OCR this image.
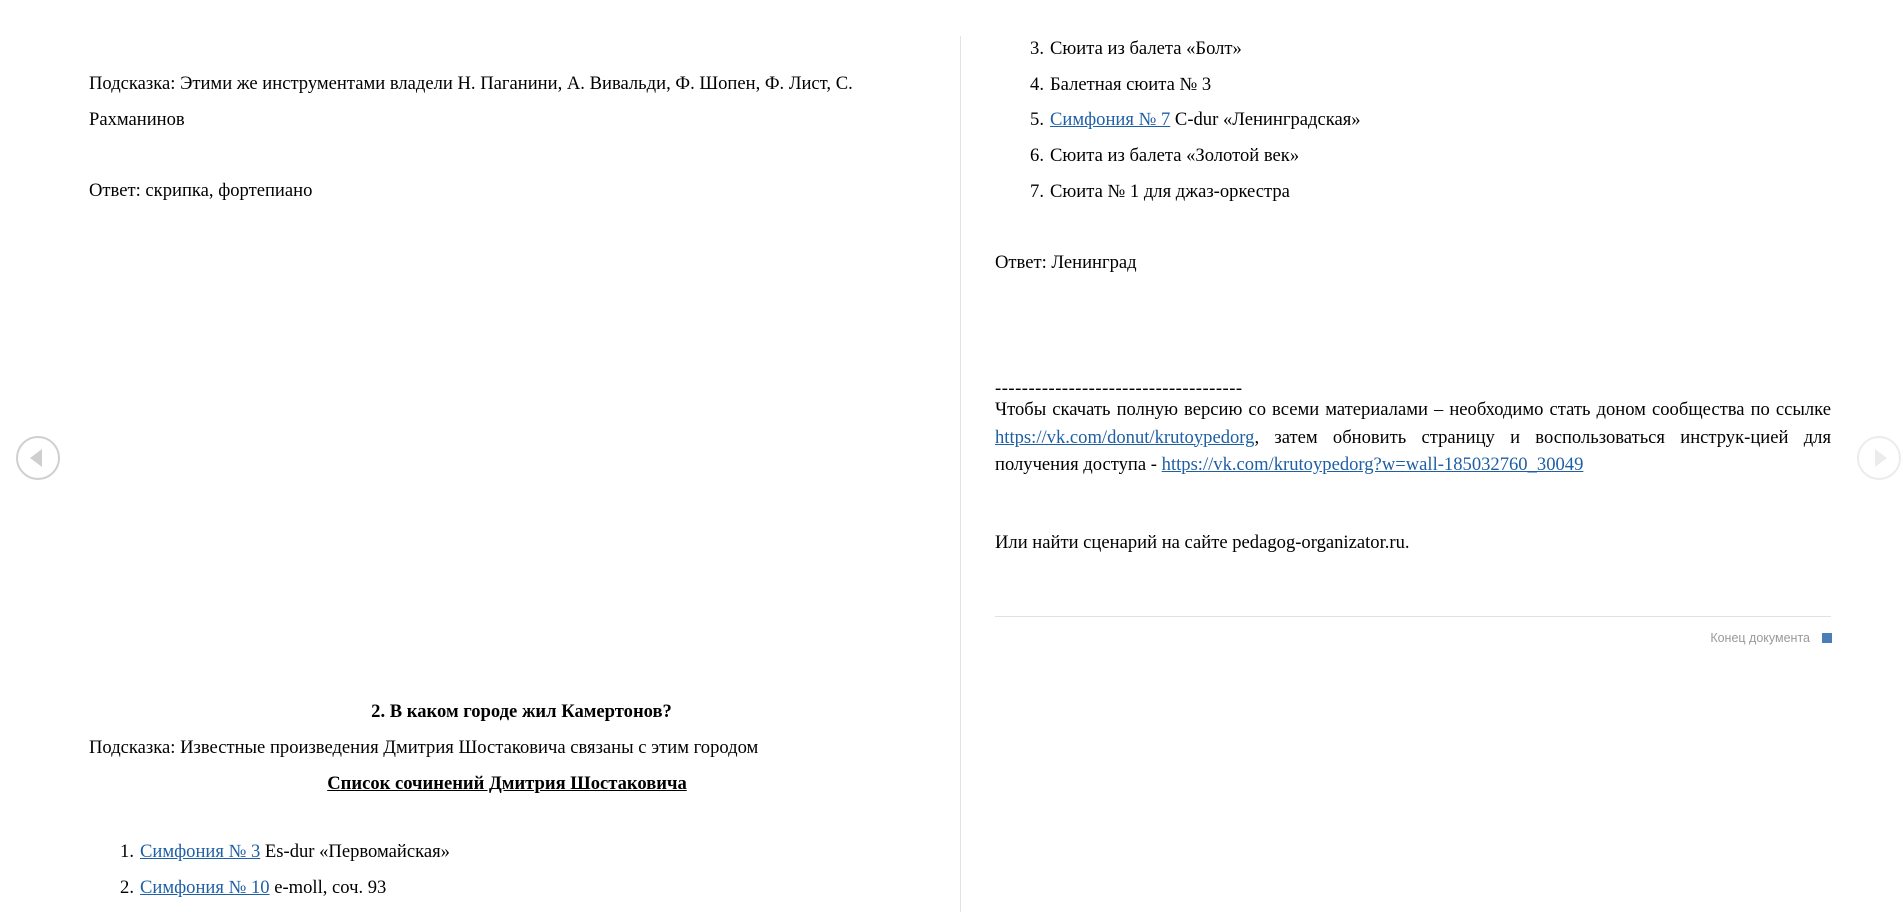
Подсказка: Этими же инструментами владели Н. Паганини, А. Вивальди, Ф. Шопен, Ф. Лист, С.

Рахманинов

Ответ: скрипка, фортепиано

2. В каком городе жил Камертонов?

Подсказка: Известные произведения Дмитрия Шостаковича связаны с этим городом

Список сочинений Дмитрия Шостаковича

1. Симфония № 3 Es-dur «Первомайская»

2. Симфония № 10 e-moll, соч. 93

3. Сюита из балета «Болт»

4. Балетная сюита № 3

5. Симфония № 7 C-dur «Ленинградская»

6. Сюита из балета «Золотой век»

7. Сюита № 1 для джаз-оркестра

Ответ: Ленинград

-------------------------------------

Чтобы скачать полную версию со всеми материалами – необходимо стать доном сообщества по ссылке https://vk.com/donut/krutoypedorg, затем обновить страницу и воспользоваться инструк-цией для получения доступа - https://vk.com/krutoypedorg?w=wall-185032760_30049

Или найти сценарий на сайте pedagog-organizator.ru.

Конец документа
